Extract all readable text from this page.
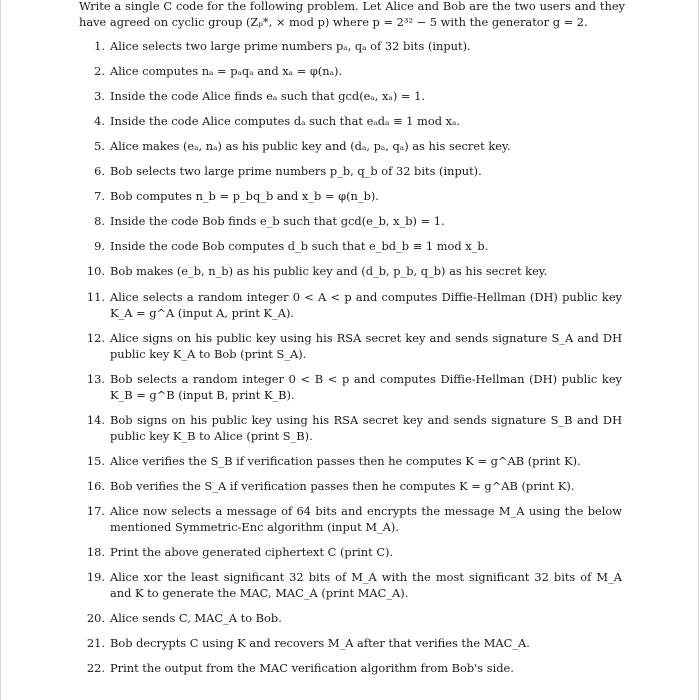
Write a single C code for the following problem. Let Alice and Bob are the two users and they have agreed on cyclic group (Zₚ*, × mod p) where p = 2³² − 5 with the generator g = 2.
1. Alice selects two large prime numbers pₐ, qₐ of 32 bits (input).
2. Alice computes nₐ = pₐqₐ and xₐ = φ(nₐ).
3. Inside the code Alice finds eₐ such that gcd(eₐ, xₐ) = 1.
4. Inside the code Alice computes dₐ such that eₐdₐ ≡ 1 mod xₐ.
5. Alice makes (eₐ, nₐ) as his public key and (dₐ, pₐ, qₐ) as his secret key.
6. Bob selects two large prime numbers p_b, q_b of 32 bits (input).
7. Bob computes n_b = p_bq_b and x_b = φ(n_b).
8. Inside the code Bob finds e_b such that gcd(e_b, x_b) = 1.
9. Inside the code Bob computes d_b such that e_bd_b ≡ 1 mod x_b.
10. Bob makes (e_b, n_b) as his public key and (d_b, p_b, q_b) as his secret key.
11. Alice selects a random integer 0 < A < p and computes Diffie-Hellman (DH) public key K_A = g^A (input A, print K_A).
12. Alice signs on his public key using his RSA secret key and sends signature S_A and DH public key K_A to Bob (print S_A).
13. Bob selects a random integer 0 < B < p and computes Diffie-Hellman (DH) public key K_B = g^B (input B, print K_B).
14. Bob signs on his public key using his RSA secret key and sends signature S_B and DH public key K_B to Alice (print S_B).
15. Alice verifies the S_B if verification passes then he computes K = g^AB (print K).
16. Bob verifies the S_A if verification passes then he computes K = g^AB (print K).
17. Alice now selects a message of 64 bits and encrypts the message M_A using the below mentioned Symmetric-Enc algorithm (input M_A).
18. Print the above generated ciphertext C (print C).
19. Alice xor the least significant 32 bits of M_A with the most significant 32 bits of M_A and K to generate the MAC, MAC_A (print MAC_A).
20. Alice sends C, MAC_A to Bob.
21. Bob decrypts C using K and recovers M_A after that verifies the MAC_A.
22. Print the output from the MAC verification algorithm from Bob's side.
